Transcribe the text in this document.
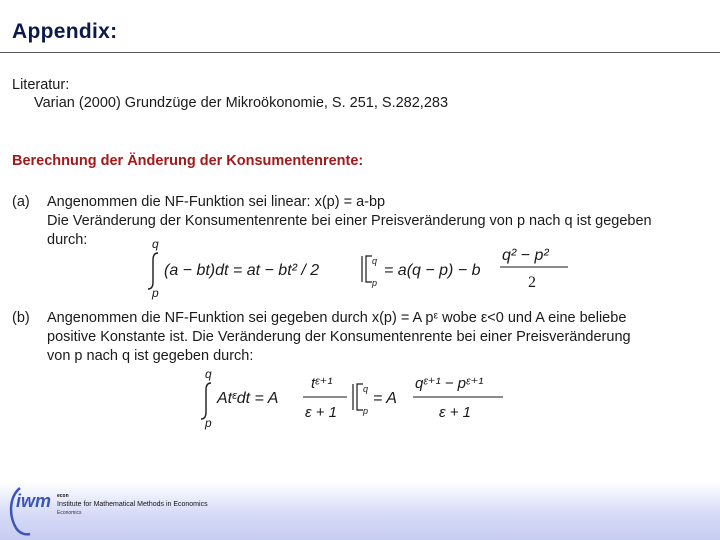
Appendix:
Literatur:
Varian (2000) Grundzüge der Mikroökonomie, S. 251, S.282,283
Berechnung der Änderung der Konsumentenrente:
(a) Angenommen die NF-Funktion sei linear: x(p) = a-bp
Die Veränderung der Konsumentenrente bei einer Preisveränderung von p nach q ist gegeben
durch:	q
p
(a − bt)dt = at − bt² / 2
q
p
= a(q − p) − b
q² − p²
2
(b) Angenommen die NF-Funktion sei gegeben durch x(p) = A pᵋ wobe ε<0 und A eine beliebe
positive Konstante ist. Die Veränderung der Konsumentenrente bei einer Preisveränderung
von p nach q ist gegeben durch:
q
p
Atᵋdt = A
tᵋ⁺¹
ε + 1
q
p
= A
qᵋ⁺¹ − pᵋ⁺¹
ε + 1
iwm econ
Institute for Mathematical Methods in Economics
Economics
